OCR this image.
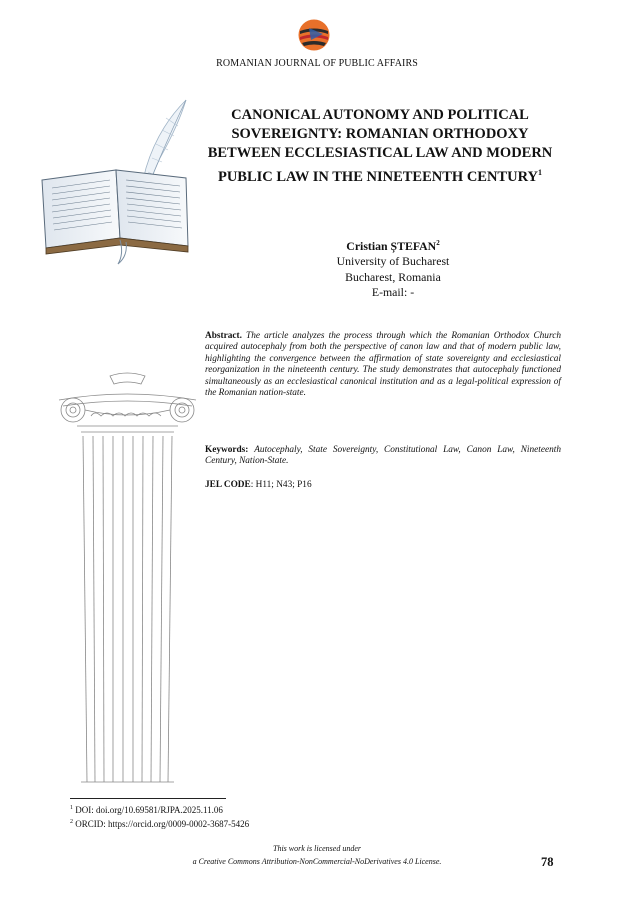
ROMANIAN JOURNAL OF PUBLIC AFFAIRS
CANONICAL AUTONOMY AND POLITICAL SOVEREIGNTY: ROMANIAN ORTHODOXY BETWEEN ECCLESIASTICAL LAW AND MODERN PUBLIC LAW IN THE NINETEENTH CENTURY$^1$
Cristian ȘTEFAN$^2$
University of Bucharest
Bucharest, Romania
E-mail: -
Abstract. The article analyzes the process through which the Romanian Orthodox Church acquired autocephaly from both the perspective of canon law and that of modern public law, highlighting the convergence between the affirmation of state sovereignty and ecclesiastical reorganization in the nineteenth century. The study demonstrates that autocephaly functioned simultaneously as an ecclesiastical canonical institution and as a legal-political expression of the Romanian nation-state.
Keywords: Autocephaly, State Sovereignty, Constitutional Law, Canon Law, Nineteenth Century, Nation-State.
JEL CODE: H11; N43; P16
$^1$ DOI: doi.org/10.69581/RJPA.2025.11.06
$^2$ ORCID: https://orcid.org/0009-0002-3687-5426
This work is licensed under
a Creative Commons Attribution-NonCommercial-NoDerivatives 4.0 License.	78
